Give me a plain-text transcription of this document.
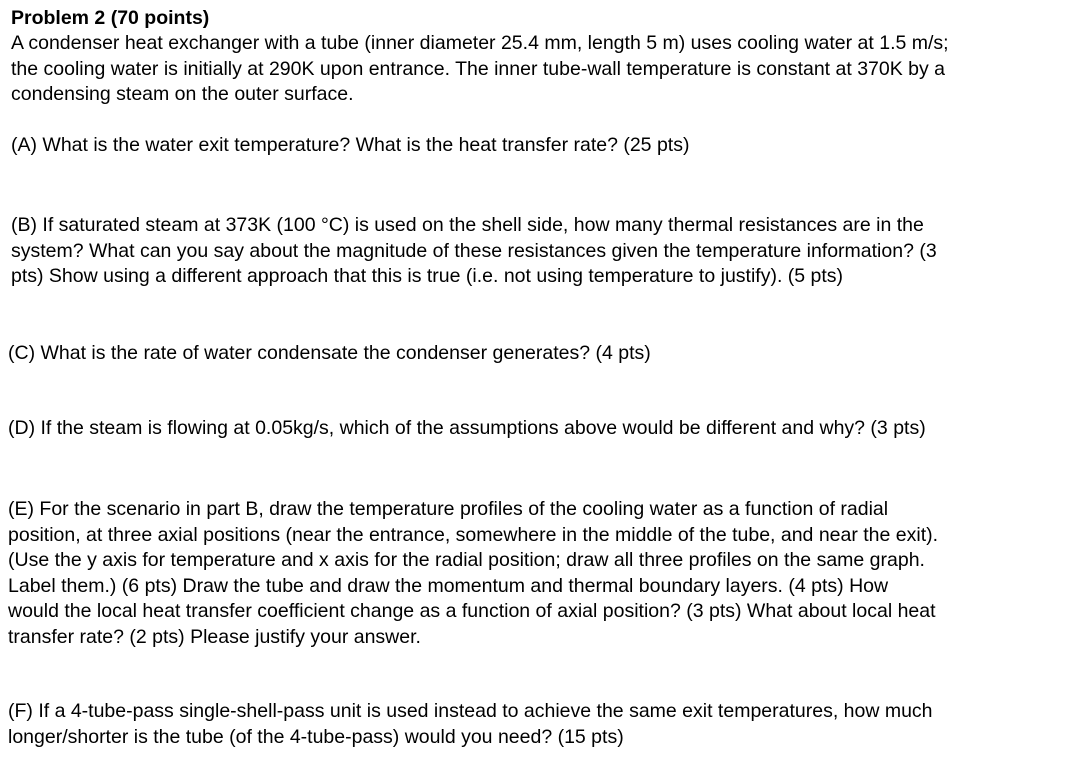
Problem 2 (70 points)
A condenser heat exchanger with a tube (inner diameter 25.4 mm, length 5 m) uses cooling water at 1.5 m/s;
the cooling water is initially at 290K upon entrance. The inner tube-wall temperature is constant at 370K by a
condensing steam on the outer surface.
(A) What is the water exit temperature? What is the heat transfer rate? (25 pts)
(B) If saturated steam at 373K (100 °C) is used on the shell side, how many thermal resistances are in the
system? What can you say about the magnitude of these resistances given the temperature information? (3
pts) Show using a different approach that this is true (i.e. not using temperature to justify). (5 pts)
(C) What is the rate of water condensate the condenser generates? (4 pts)
(D) If the steam is flowing at 0.05kg/s, which of the assumptions above would be different and why? (3 pts)
(E) For the scenario in part B, draw the temperature profiles of the cooling water as a function of radial
position, at three axial positions (near the entrance, somewhere in the middle of the tube, and near the exit).
(Use the y axis for temperature and x axis for the radial position; draw all three profiles on the same graph.
Label them.) (6 pts) Draw the tube and draw the momentum and thermal boundary layers. (4 pts) How
would the local heat transfer coefficient change as a function of axial position? (3 pts) What about local heat
transfer rate? (2 pts) Please justify your answer.
(F) If a 4-tube-pass single-shell-pass unit is used instead to achieve the same exit temperatures, how much
longer/shorter is the tube (of the 4-tube-pass) would you need? (15 pts)
